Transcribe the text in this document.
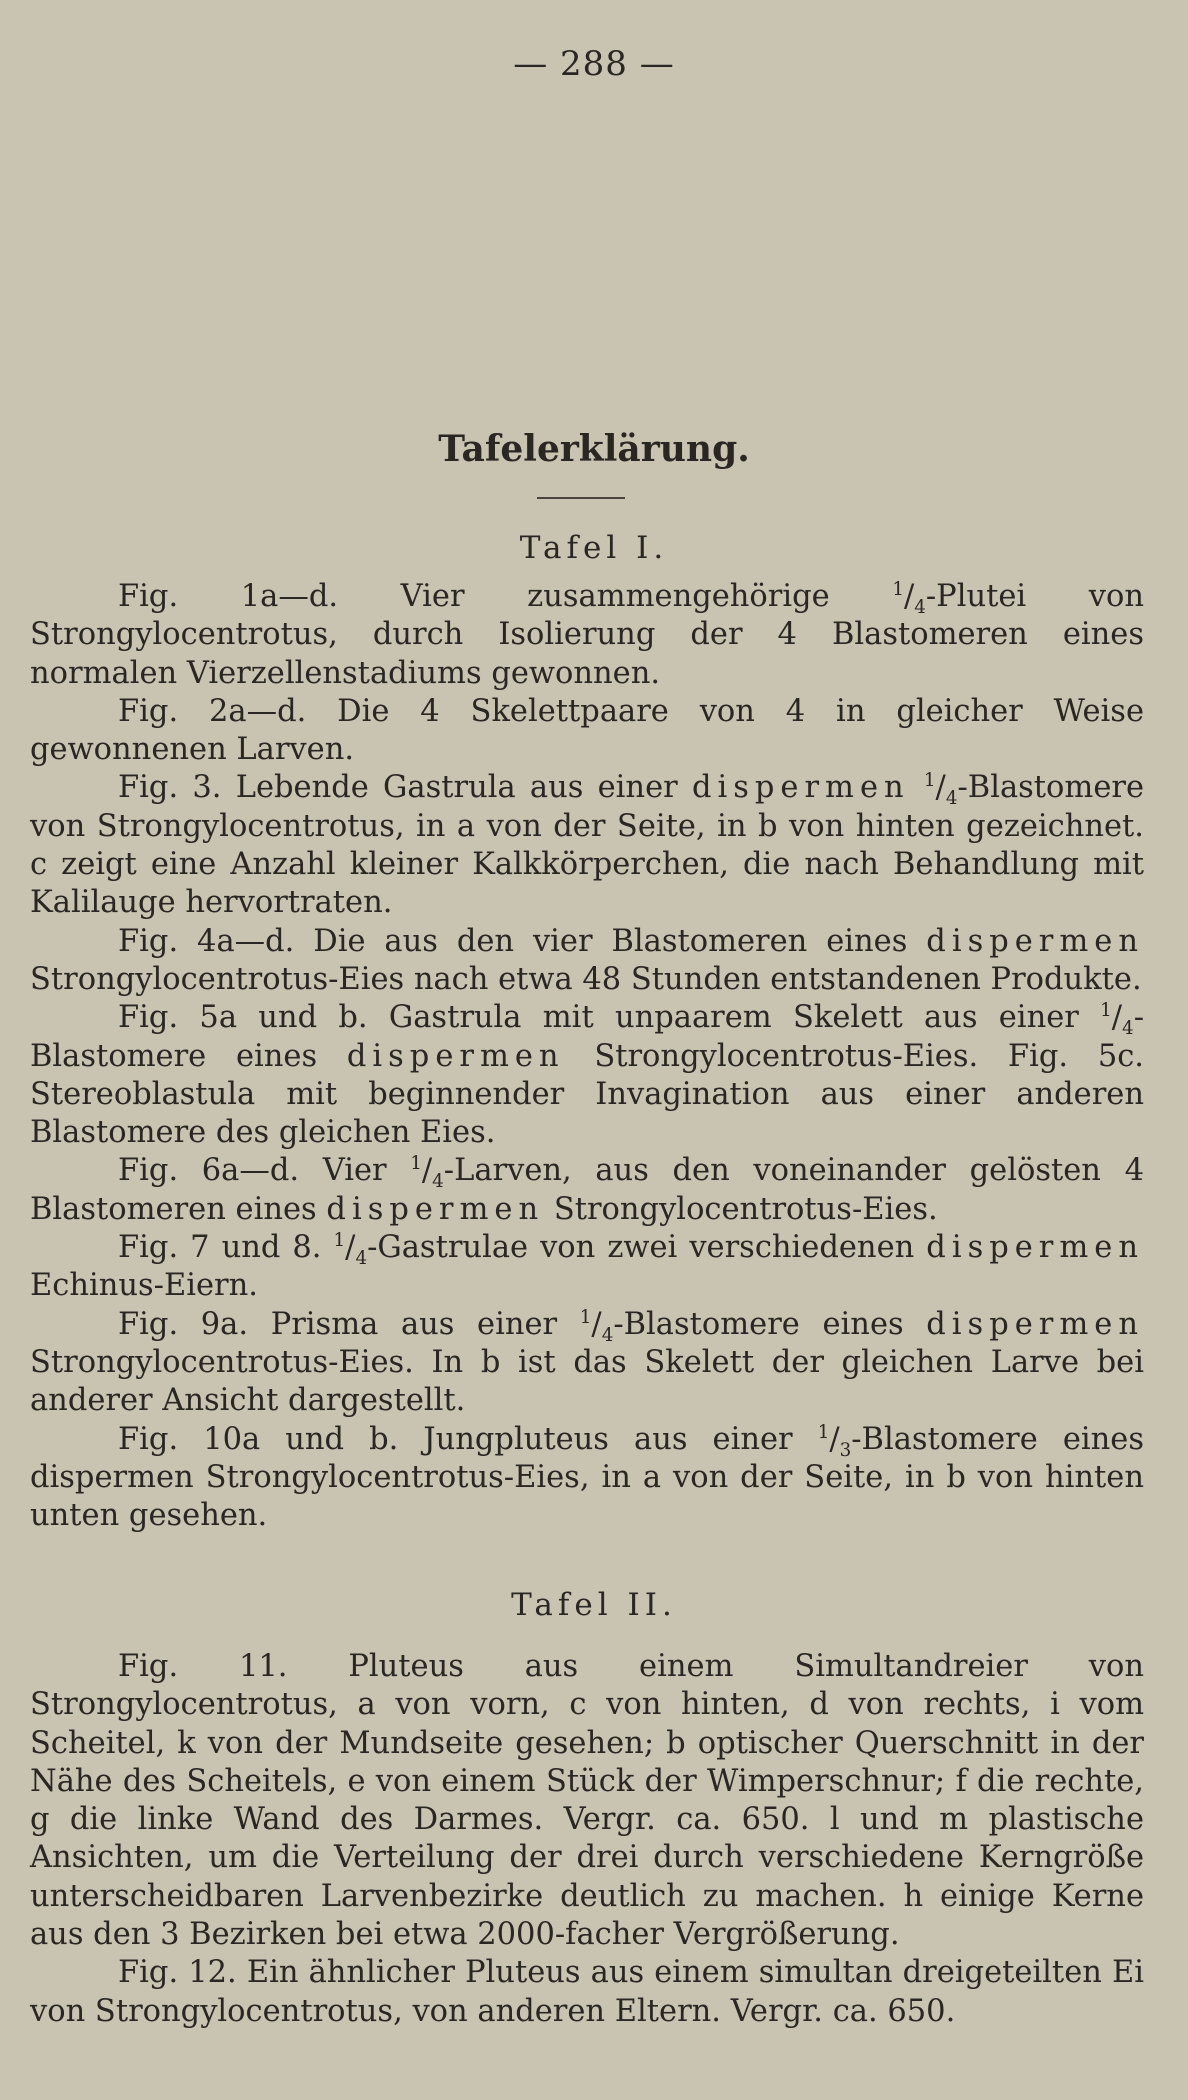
— 288 —
Tafelerklärung.
Tafel I.

Fig. 1a—d. Vier zusammengehörige $^1/_4$-Plutei von Strongylocentrotus, durch Isolierung der 4 Blastomeren eines normalen Vierzellenstadiums gewonnen.

Fig. 2a—d. Die 4 Skelettpaare von 4 in gleicher Weise gewonnenen Larven.

Fig. 3. Lebende Gastrula aus einer dispermen $^1/_4$-Blastomere von Strongylocentrotus, in a von der Seite, in b von hinten gezeichnet. c zeigt eine Anzahl kleiner Kalkkörperchen, die nach Behandlung mit Kalilauge hervortraten.

Fig. 4a—d. Die aus den vier Blastomeren eines dispermen Strongylocentrotus-Eies nach etwa 48 Stunden entstandenen Produkte.

Fig. 5a und b. Gastrula mit unpaarem Skelett aus einer $^1/_4$-Blastomere eines dispermen Strongylocentrotus-Eies. Fig. 5c. Stereoblastula mit beginnender Invagination aus einer anderen Blastomere des gleichen Eies.

Fig. 6a—d. Vier $^1/_4$-Larven, aus den voneinander gelösten 4 Blastomeren eines dispermen Strongylocentrotus-Eies.

Fig. 7 und 8. $^1/_4$-Gastrulae von zwei verschiedenen dispermen Echinus-Eiern.

Fig. 9a. Prisma aus einer $^1/_4$-Blastomere eines dispermen Strongylocentrotus-Eies. In b ist das Skelett der gleichen Larve bei anderer Ansicht dargestellt.

Fig. 10a und b. Jungpluteus aus einer $^1/_3$-Blastomere eines dispermen Strongylocentrotus-Eies, in a von der Seite, in b von hinten unten gesehen.

Tafel II.

Fig. 11. Pluteus aus einem Simultandreier von Strongylocentrotus, a von vorn, c von hinten, d von rechts, i vom Scheitel, k von der Mundseite gesehen; b optischer Querschnitt in der Nähe des Scheitels, e von einem Stück der Wimperschnur; f die rechte, g die linke Wand des Darmes. Vergr. ca. 650. l und m plastische Ansichten, um die Verteilung der drei durch verschiedene Kerngröße unterscheidbaren Larvenbezirke deutlich zu machen. h einige Kerne aus den 3 Bezirken bei etwa 2000-facher Vergrößerung.

Fig. 12. Ein ähnlicher Pluteus aus einem simultan dreigeteilten Ei von Strongylocentrotus, von anderen Eltern. Vergr. ca. 650.
